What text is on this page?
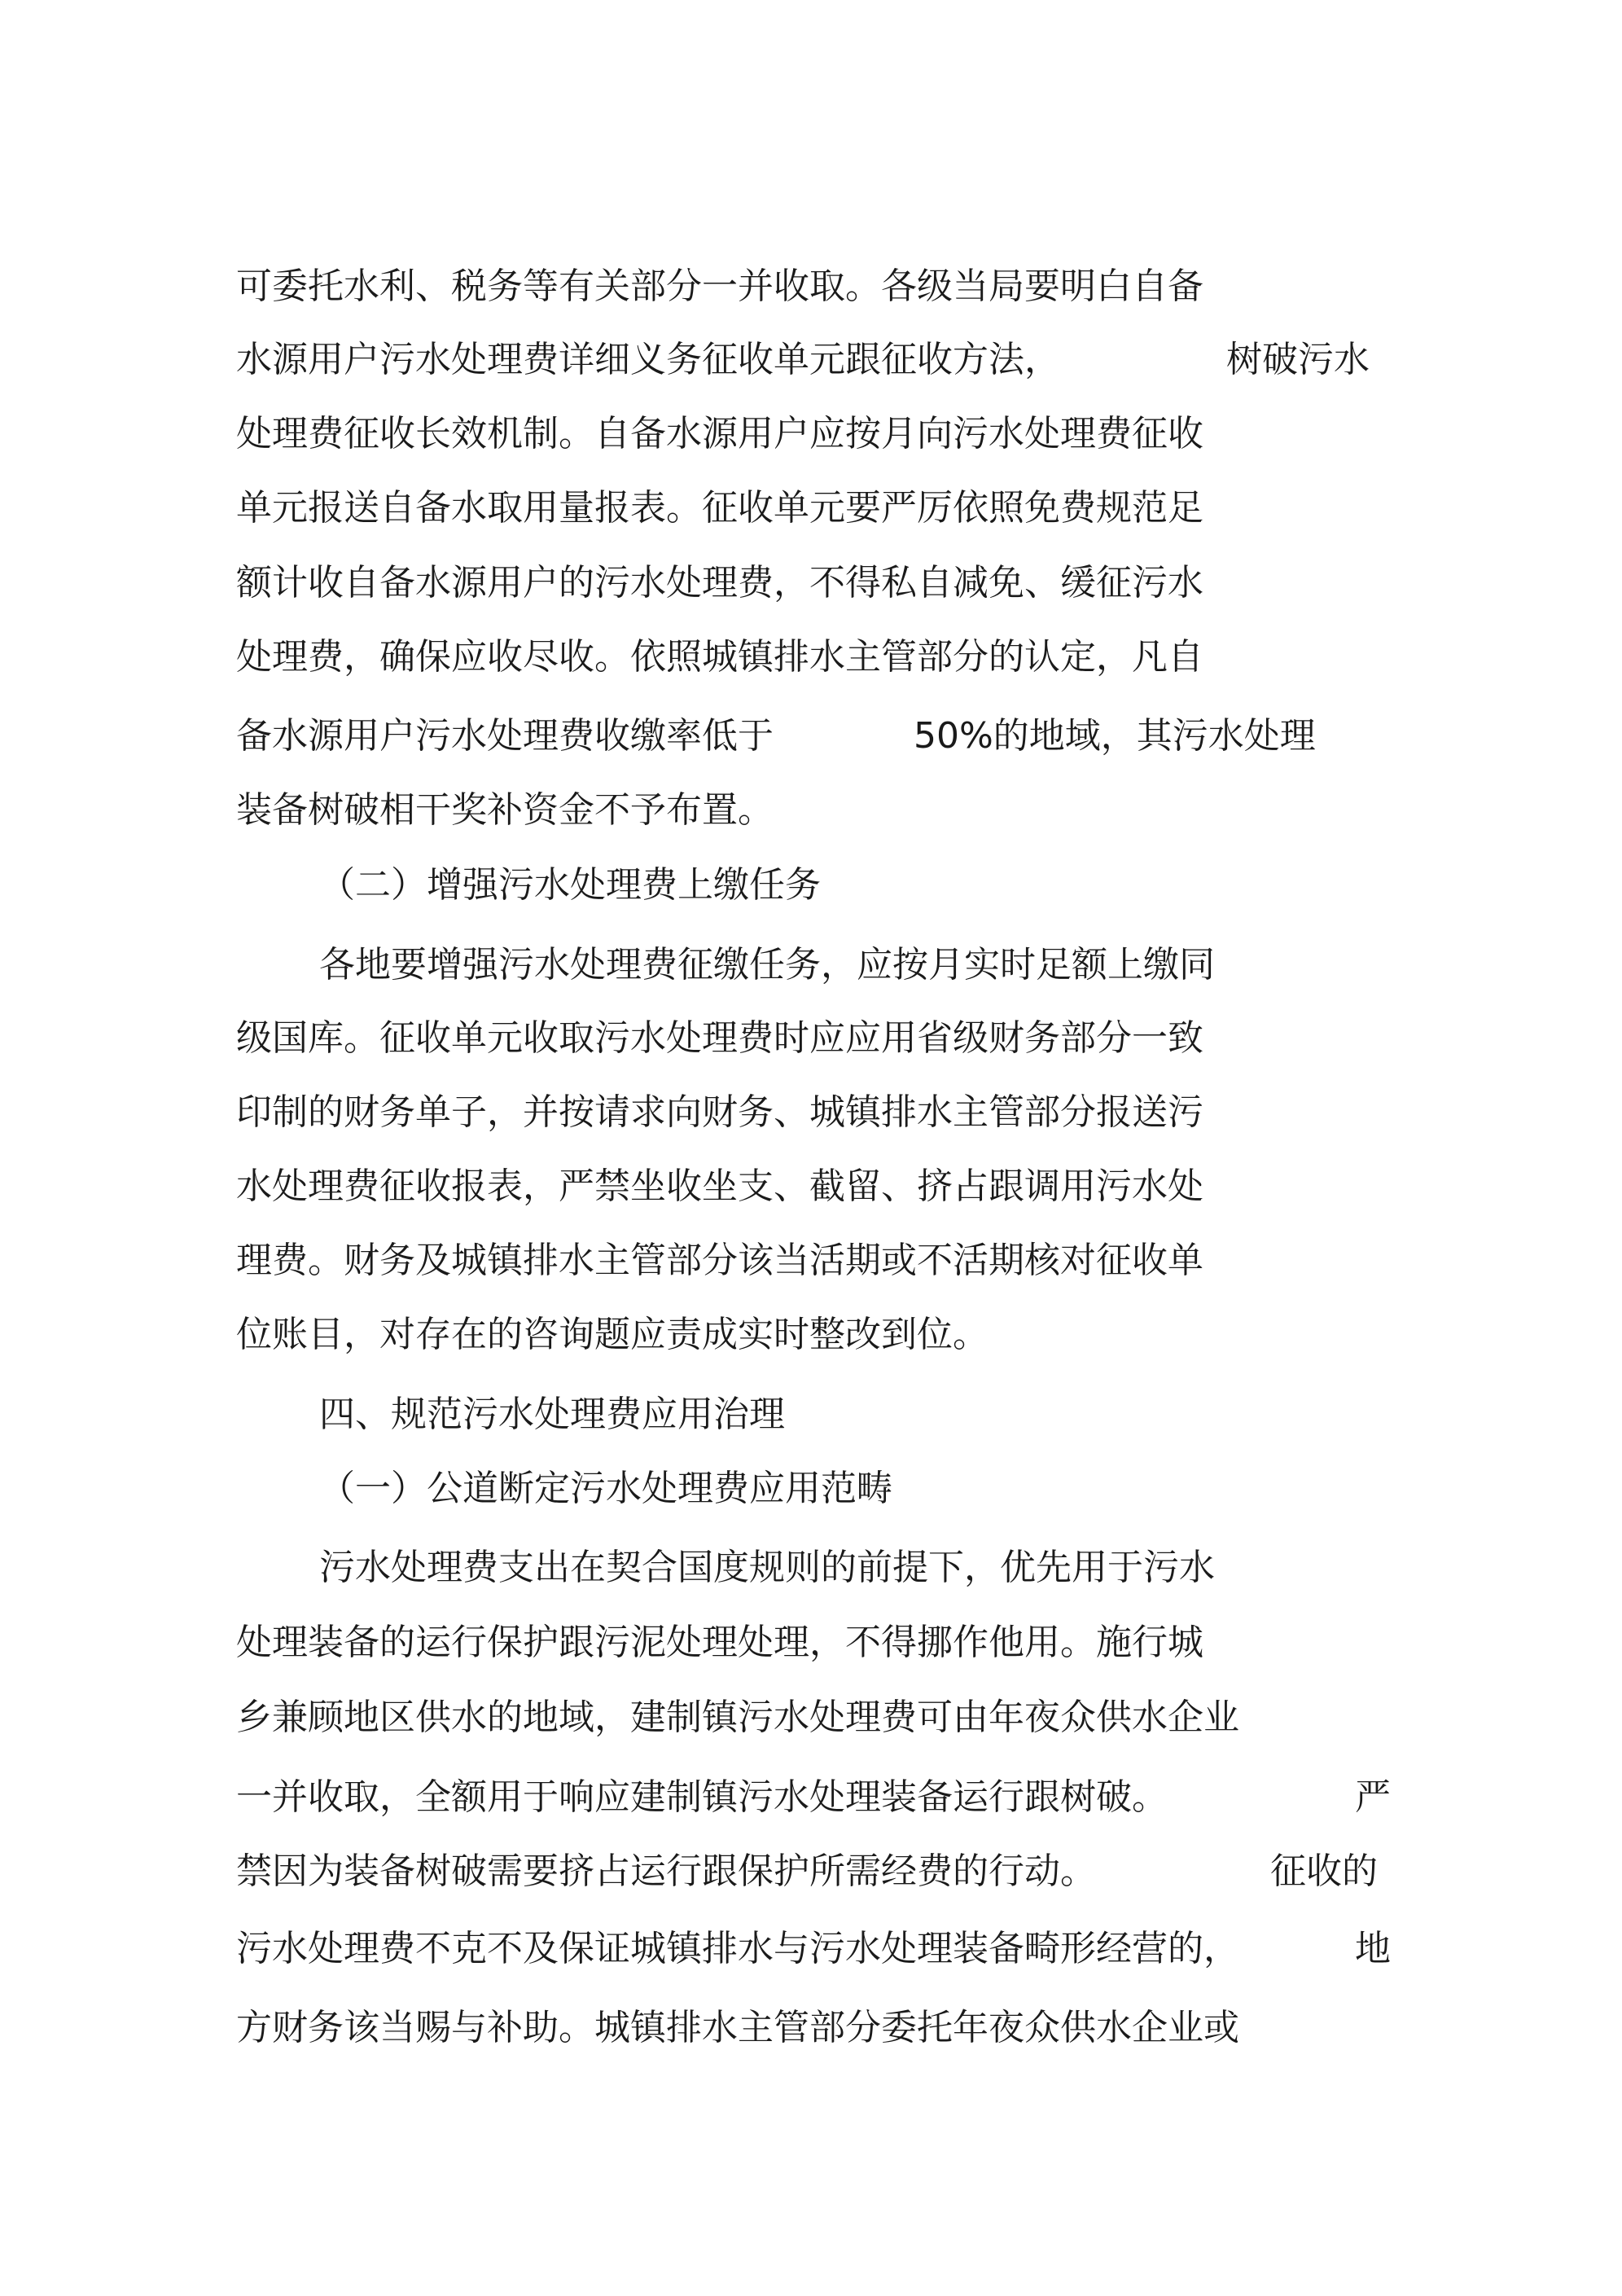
可委托水利、税务等有关部分一并收取。各级当局要明白自备

水源用户污水处理费详细义务征收单元跟征收方法，

	树破污水

处理费征收长效机制。自备水源用户应按月向污水处理费征收
单元报送自备水取用量报表。征收单元要严厉依照免费规范足
额计收自备水源用户的污水处理费，不得私自减免、缓征污水
处理费，确保应收尽收。依照城镇排水主管部分的认定，凡自

备水源用户污水处理费收缴率低于

	50%的地域，其污水处理

装备树破相干奖补资金不予布置。
（二）增强污水处理费上缴任务
各地要增强污水处理费征缴任务，应按月实时足额上缴同
级国库。征收单元收取污水处理费时应应用省级财务部分一致
印制的财务单子，并按请求向财务、城镇排水主管部分报送污
水处理费征收报表，严禁坐收坐支、截留、挤占跟调用污水处
理费。财务及城镇排水主管部分该当活期或不活期核对征收单
位账目，对存在的咨询题应责成实时整改到位。
四、规范污水处理费应用治理
（一）公道断定污水处理费应用范畴
污水处理费支出在契合国度规则的前提下，优先用于污水
处理装备的运行保护跟污泥处理处理，不得挪作他用。施行城
乡兼顾地区供水的地域，建制镇污水处理费可由年夜众供水企业

一并收取，全额用于响应建制镇污水处理装备运行跟树破。

	严

禁因为装备树破需要挤占运行跟保护所需经费的行动。

	征收的

污水处理费不克不及保证城镇排水与污水处理装备畸形经营的，

	地

方财务该当赐与补助。城镇排水主管部分委托年夜众供水企业或
